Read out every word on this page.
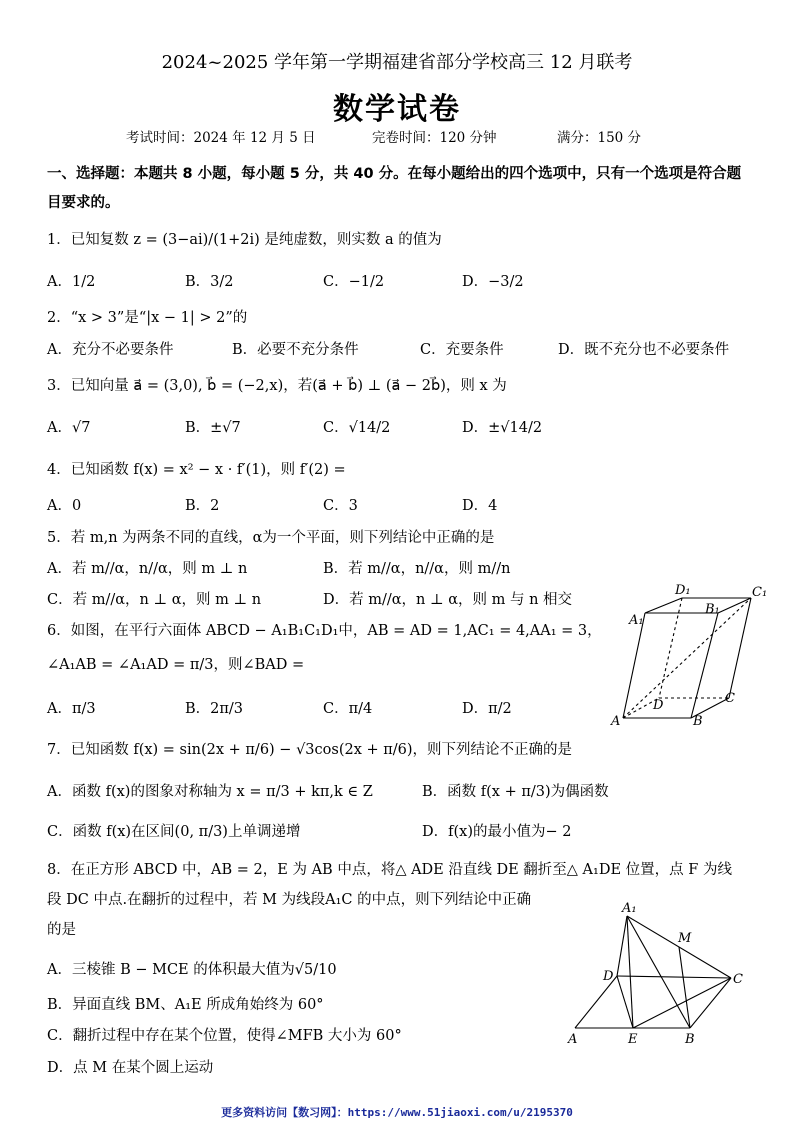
2024~2025 学年第一学期福建省部分学校高三 12 月联考
数学试卷
考试时间：2024 年 12 月 5 日	完卷时间：120 分钟	满分：150 分
一、选择题：本题共 8 小题，每小题 5 分，共 40 分。在每小题给出的四个选项中，只有一个选项是符合题目要求的。
1．已知复数 z = (3−ai)/(1+2i) 是纯虚数，则实数 a 的值为
A．1/2	B．3/2	C．−1/2	D．−3/2
2．“x > 3”是“|x − 1| > 2”的
A．充分不必要条件	B．必要不充分条件	C．充要条件	D．既不充分也不必要条件
3．已知向量 a⃗ = (3,0), b⃗ = (−2,x)，若(a⃗ + b⃗) ⊥ (a⃗ − 2b⃗)，则 x 为
A．√7	B．±√7	C．√14/2	D．±√14/2
4．已知函数 f(x) = x² − x · f′(1)，则 f′(2) =
A．0	B．2	C．3	D．4
5．若 m,n 为两条不同的直线，α为一个平面，则下列结论中正确的是
A．若 m//α，n//α，则 m ⊥ n	B．若 m//α，n//α，则 m//n
C．若 m//α，n ⊥ α，则 m ⊥ n	D．若 m//α，n ⊥ α，则 m 与 n 相交
6．如图，在平行六面体 ABCD − A₁B₁C₁D₁中，AB = AD = 1,AC₁ = 4,AA₁ = 3，
∠A₁AB = ∠A₁AD = π/3，则∠BAD =
A．π/3	B．2π/3	C．π/4	D．π/2
D₁	C₁
A₁
B₁
D	C
A	B
7．已知函数 f(x) = sin(2x + π/6) − √3cos(2x + π/6)，则下列结论不正确的是
A．函数 f(x)的图象对称轴为 x = π/3 + kπ,k ∈ Z	B．函数 f(x + π/3)为偶函数
C．函数 f(x)在区间(0, π/3)上单调递增	D．f(x)的最小值为− 2
8．在正方形 ABCD 中，AB = 2，E 为 AB 中点，将△ ADE 沿直线 DE 翻折至△ A₁DE 位置，点 F 为线
段 DC 中点.在翻折的过程中，若 M 为线段A₁C 的中点，则下列结论中正确
的是
A．三棱锥 B − MCE 的体积最大值为√5/10
B．异面直线 BM、A₁E 所成角始终为 60°
C．翻折过程中存在某个位置，使得∠MFB 大小为 60°
D．点 M 在某个圆上运动
A₁
M
D	C
A	E	B
更多资料访问【数习网】：https://www.51jiaoxi.com/u/2195370
